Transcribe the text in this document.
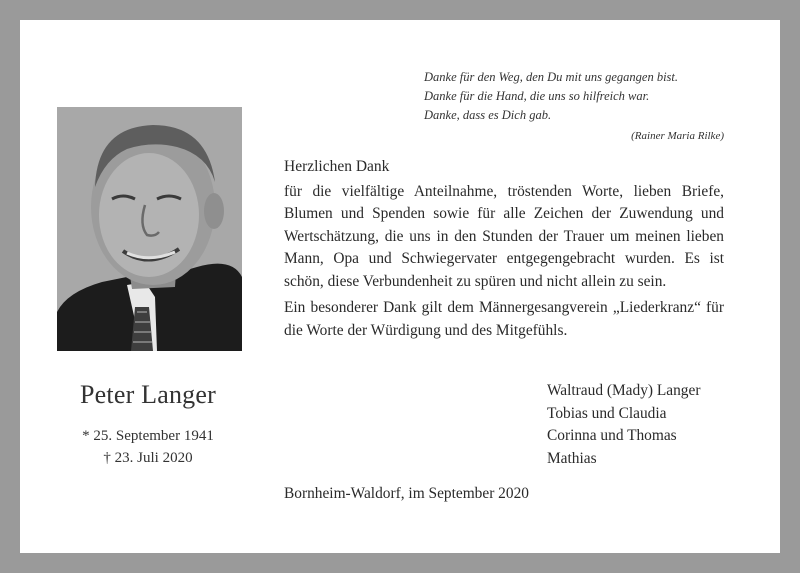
Danke für den Weg, den Du mit uns gegangen bist.
Danke für die Hand, die uns so hilfreich war.
Danke, dass es Dich gab.
(Rainer Maria Rilke)
Peter Langer
* 25. September 1941
† 23. Juli 2020
Herzlichen Dank
für die vielfältige Anteilnahme, tröstenden Worte, lieben Briefe, Blumen und Spenden sowie für alle Zeichen der Zuwendung und Wertschätzung, die uns in den Stunden der Trauer um meinen lieben Mann, Opa und Schwiegervater entgegengebracht wurden. Es ist schön, diese Verbundenheit zu spüren und nicht allein zu sein.
Ein besonderer Dank gilt dem Männergesangverein „Liederkranz“ für die Worte der Würdigung und des Mitgefühls.
Waltraud (Mady) Langer
Tobias und Claudia
Corinna und Thomas
Mathias
Bornheim-Waldorf, im September 2020
